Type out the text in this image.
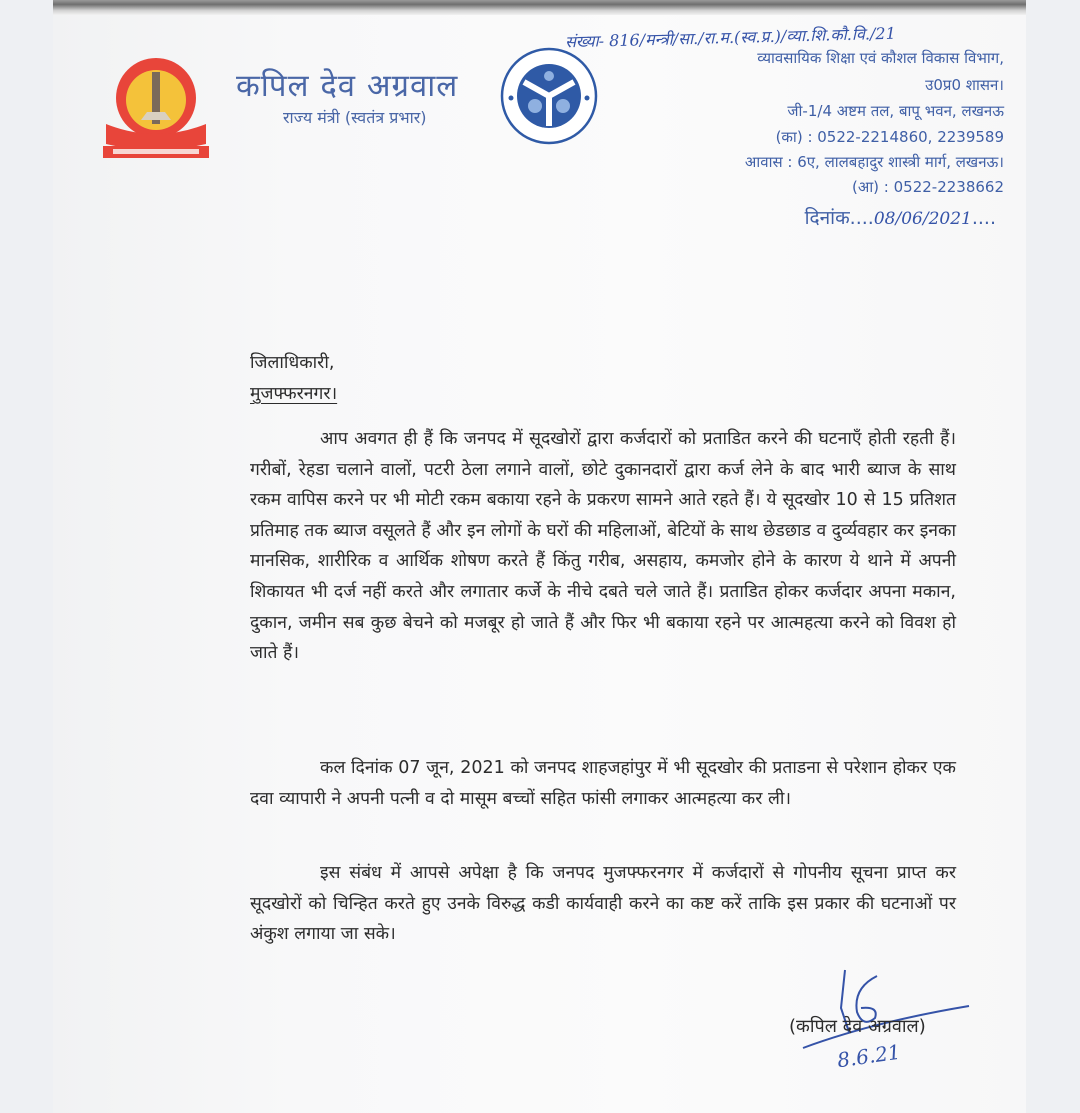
कपिल देव अग्रवाल
राज्य मंत्री (स्वतंत्र प्रभार)
संख्या- 816/मन्त्री/सा./रा.म.(स्व.प्र.)/व्या.शि.कौ.वि./21
व्यावसायिक शिक्षा एवं कौशल विकास विभाग,
उ0प्र0 शासन।
जी-1/4 अष्टम तल, बापू भवन, लखनऊ
(का) : 0522-2214860, 2239589
आवास : 6ए, लालबहादुर शास्त्री मार्ग, लखनऊ।
(आ) : 0522-2238662
दिनांक....08/06/2021....
जिलाधिकारी,
मुजफ्फरनगर।
आप अवगत ही हैं कि जनपद में सूदखोरों द्वारा कर्जदारों को प्रताडित करने की घटनाएँ होती रहती हैं। गरीबों, रेहडा चलाने वालों, पटरी ठेला लगाने वालों, छोटे दुकानदारों द्वारा कर्ज लेने के बाद भारी ब्याज के साथ रकम वापिस करने पर भी मोटी रकम बकाया रहने के प्रकरण सामने आते रहते हैं। ये सूदखोर 10 से 15 प्रतिशत प्रतिमाह तक ब्याज वसूलते हैं और इन लोगों के घरों की महिलाओं, बेटियों के साथ छेडछाड व दुर्व्यवहार कर इनका मानसिक, शारीरिक व आर्थिक शोषण करते हैं किंतु गरीब, असहाय, कमजोर होने के कारण ये थाने में अपनी शिकायत भी दर्ज नहीं करते और लगातार कर्जे के नीचे दबते चले जाते हैं। प्रताडित होकर कर्जदार अपना मकान, दुकान, जमीन सब कुछ बेचने को मजबूर हो जाते हैं और फिर भी बकाया रहने पर आत्महत्या करने को विवश हो जाते हैं।
कल दिनांक 07 जून, 2021 को जनपद शाहजहांपुर में भी सूदखोर की प्रताडना से परेशान होकर एक दवा व्यापारी ने अपनी पत्नी व दो मासूम बच्चों सहित फांसी लगाकर आत्महत्या कर ली।
इस संबंध में आपसे अपेक्षा है कि जनपद मुजफ्फरनगर में कर्जदारों से गोपनीय सूचना प्राप्त कर सूदखोरों को चिन्हित करते हुए उनके विरुद्ध कडी कार्यवाही करने का कष्ट करें ताकि इस प्रकार की घटनाओं पर अंकुश लगाया जा सके।
(कपिल देव अग्रवाल)
8.6.21
